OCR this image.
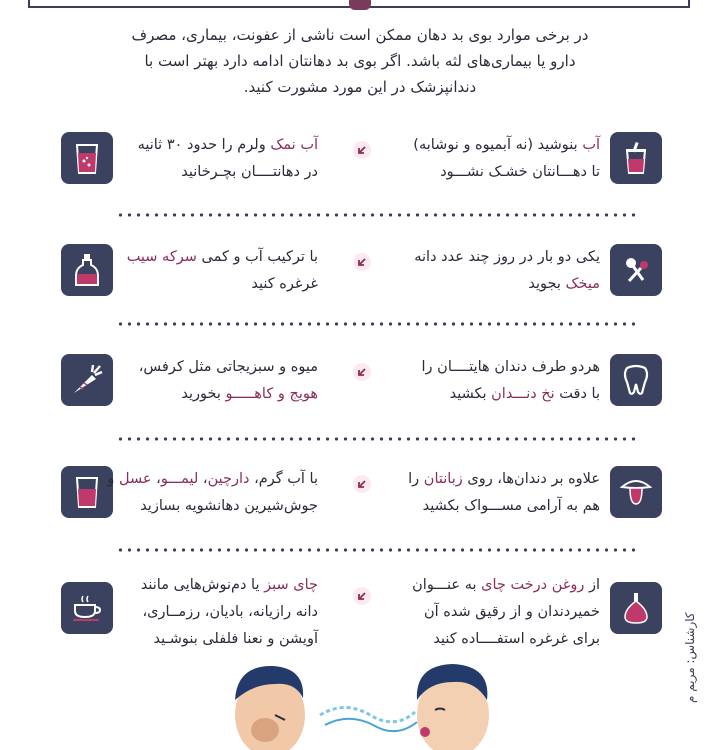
در برخی موارد بوی بد دهان ممکن است ناشی از عفونت، بیماری، مصرف
دارو یا بیماری‌های لثه باشد. اگر بوی بد دهانتان ادامه دارد بهتر است با
دندانپزشک در این مورد مشورت کنید.
آب بنوشید (نه آبمیوه و نوشابه)
تا دهـــانتان خشـک نشـــود
آب نمک ولرم را حدود ۳۰ ثانیه
در دهانتــــان بچـرخانید
یکی دو بار در روز چند عدد دانه
میخک بجوید
با ترکیب آب و کمی سرکه سیب
غرغره کنید
هردو طرف دندان هایتــــان را
با دقت نخ دنـــدان بکشید
میوه و سبزیجاتی مثل کرفس،
هویج و کاهـــــو بخورید
علاوه بر دندان‌ها، روی زبانتان را
هم به آرامی مســـواک بکشید
با آب گرم، دارچین، لیمـــو، عسل و
جوش‌شیرین دهانشویه بسازید
از روغن درخت چای به عنـــوان
خمیردندان و از رقیق شده آن
برای غرغره استفــــاده کنید
چای سبز یا دم‌نوش‌هایی مانند
دانه رازیانه، بادیان، رزمــاری،
آویشن و نعنا فلفلی بنوشـید	کارشناس: مریم م
